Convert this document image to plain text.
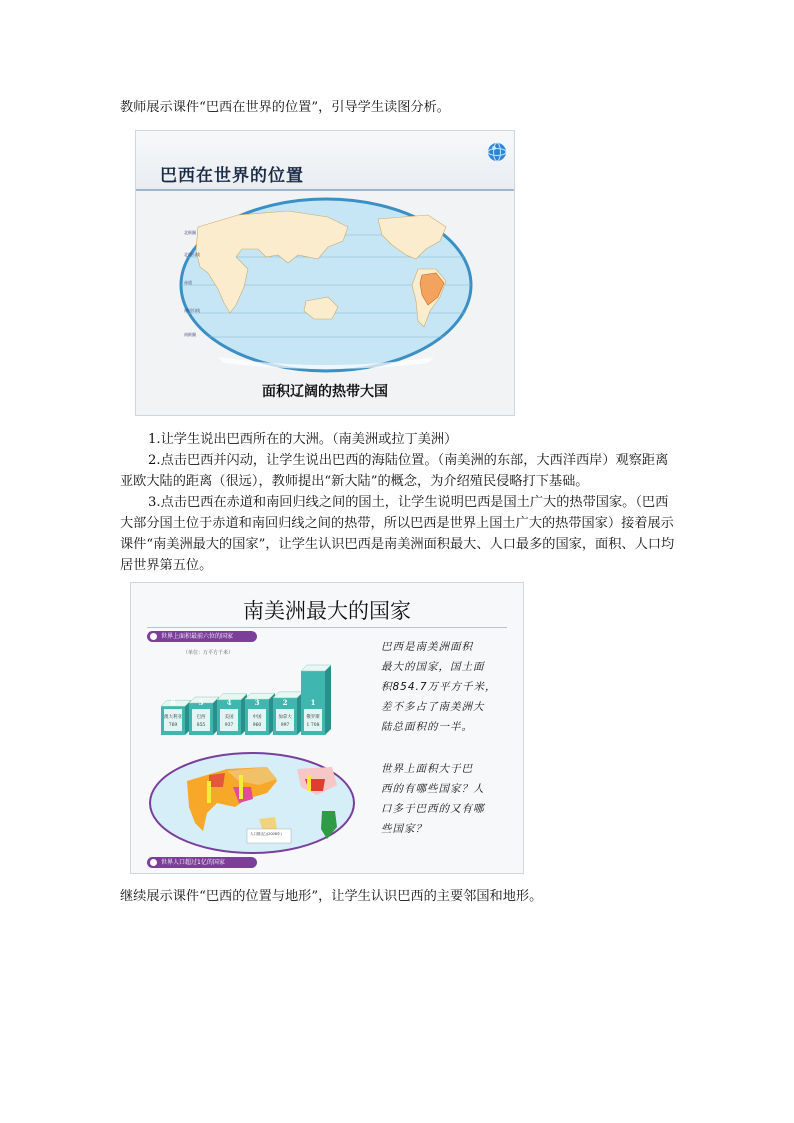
教师展示课件“巴西在世界的位置”，引导学生读图分析。

巴西在世界的位置
北极圈
北回归线
赤道
南回归线
南极圈
面积辽阔的热带大国

1.让学生说出巴西所在的大洲。（南美洲或拉丁美洲）

2.点击巴西并闪动，让学生说出巴西的海陆位置。（南美洲的东部，大西洋西岸）观察距离亚欧大陆的距离（很远），教师提出“新大陆”的概念，为介绍殖民侵略打下基础。

3.点击巴西在赤道和南回归线之间的国土，让学生说明巴西是国土广大的热带国家。（巴西大部分国土位于赤道和南回归线之间的热带，所以巴西是世界上国土广大的热带国家）接着展示课件“南美洲最大的国家”，让学生认识巴西是南美洲面积最大、人口最多的国家，面积、人口均居世界第五位。

南美洲最大的国家
世界上面积最前六位的国家
（单位：万平方千米）
6
澳大利亚
769
5
巴西
855
4
美国
937
3
中国
960
2
加拿大
997
1
俄罗斯
1 708
人口数(亿)(2008年)
世界人口超过1亿的国家
巴西是南美洲面积
最大的国家，国土面
积854.7万平方千米，
差不多占了南美洲大
陆总面积的一半。
世界上面积大于巴
西的有哪些国家？人
口多于巴西的又有哪
些国家？

继续展示课件“巴西的位置与地形”，让学生认识巴西的主要邻国和地形。
